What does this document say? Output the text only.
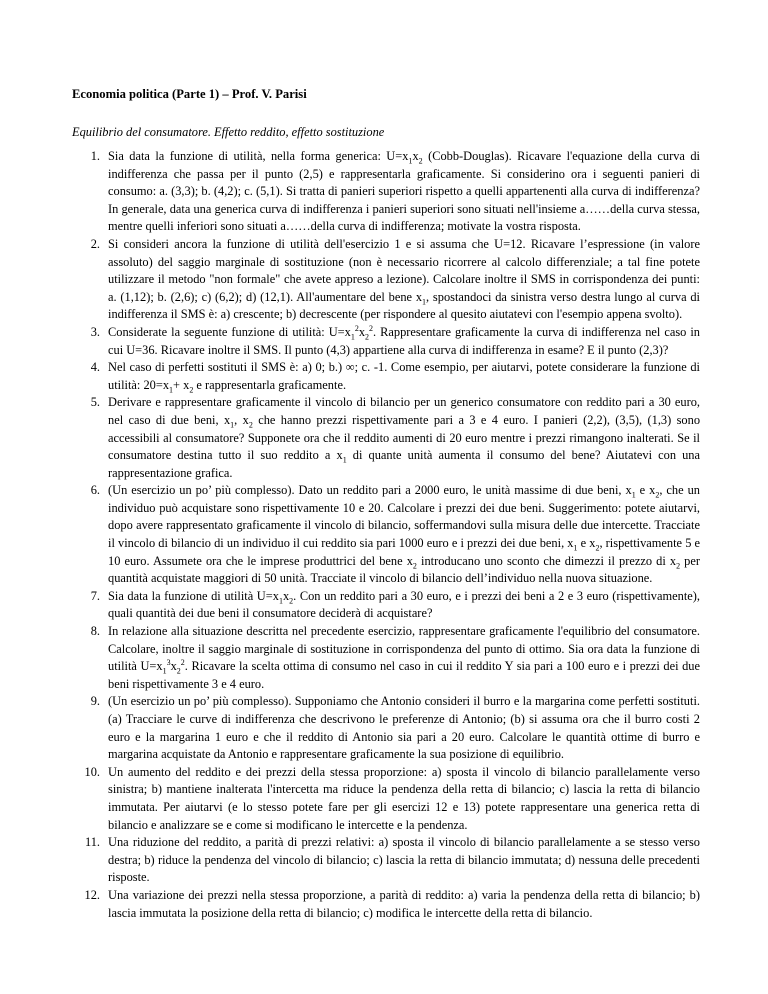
Economia politica (Parte 1) – Prof. V. Parisi
Equilibrio del consumatore. Effetto reddito, effetto sostituzione
1. Sia data la funzione di utilità, nella forma generica: $U=x_1x_2$ (Cobb-Douglas). Ricavare l'equazione della curva di indifferenza che passa per il punto (2,5) e rappresentarla graficamente. Si considerino ora i seguenti panieri di consumo: a. (3,3); b. (4,2); c. (5,1). Si tratta di panieri superiori rispetto a quelli appartenenti alla curva di indifferenza? In generale, data una generica curva di indifferenza i panieri superiori sono situati nell'insieme a……della curva stessa, mentre quelli inferiori sono situati a……della curva di indifferenza; motivate la vostra risposta.
2. Si consideri ancora la funzione di utilità dell'esercizio 1 e si assuma che U=12. Ricavare l’espressione (in valore assoluto) del saggio marginale di sostituzione (non è necessario ricorrere al calcolo differenziale; a tal fine potete utilizzare il metodo "non formale" che avete appreso a lezione). Calcolare inoltre il SMS in corrispondenza dei punti: a. (1,12); b. (2,6); c) (6,2); d) (12,1). All'aumentare del bene $x_1$, spostandoci da sinistra verso destra lungo al curva di indifferenza il SMS è: a) crescente; b) decrescente (per rispondere al quesito aiutatevi con l'esempio appena svolto).
3. Considerate la seguente funzione di utilità: $U=x_1^2x_2^2$. Rappresentare graficamente la curva di indifferenza nel caso in cui U=36. Ricavare inoltre il SMS. Il punto (4,3) appartiene alla curva di indifferenza in esame? E il punto (2,3)?
4. Nel caso di perfetti sostituti il SMS è: a) 0; b.) ∞; c. -1. Come esempio, per aiutarvi, potete considerare la funzione di utilità: $20=x_1+ x_2$ e rappresentarla graficamente.
5. Derivare e rappresentare graficamente il vincolo di bilancio per un generico consumatore con reddito pari a 30 euro, nel caso di due beni, $x_1$, $x_2$ che hanno prezzi rispettivamente pari a 3 e 4 euro. I panieri (2,2), (3,5), (1,3) sono accessibili al consumatore? Supponete ora che il reddito aumenti di 20 euro mentre i prezzi rimangono inalterati. Se il consumatore destina tutto il suo reddito a $x_1$ di quante unità aumenta il consumo del bene? Aiutatevi con una rappresentazione grafica.
6. (Un esercizio un po’ più complesso). Dato un reddito pari a 2000 euro, le unità massime di due beni, $x_1$ e $x_2$, che un individuo può acquistare sono rispettivamente 10 e 20. Calcolare i prezzi dei due beni. Suggerimento: potete aiutarvi, dopo avere rappresentato graficamente il vincolo di bilancio, soffermandovi sulla misura delle due intercette. Tracciate il vincolo di bilancio di un individuo il cui reddito sia pari 1000 euro e i prezzi dei due beni, $x_1$ e $x_2$, rispettivamente 5 e 10 euro. Assumete ora che le imprese produttrici del bene $x_2$ introducano uno sconto che dimezzi il prezzo di $x_2$ per quantità acquistate maggiori di 50 unità. Tracciate il vincolo di bilancio dell’individuo nella nuova situazione.
7. Sia data la funzione di utilità $U=x_1x_2$. Con un reddito pari a 30 euro, e i prezzi dei beni a 2 e 3 euro (rispettivamente), quali quantità dei due beni il consumatore deciderà di acquistare?
8. In relazione alla situazione descritta nel precedente esercizio, rappresentare graficamente l'equilibrio del consumatore. Calcolare, inoltre il saggio marginale di sostituzione in corrispondenza del punto di ottimo. Sia ora data la funzione di utilità $U=x_1^3x_2^2$. Ricavare la scelta ottima di consumo nel caso in cui il reddito Y sia pari a 100 euro e i prezzi dei due beni rispettivamente 3 e 4 euro.
9. (Un esercizio un po’ più complesso). Supponiamo che Antonio consideri il burro e la margarina come perfetti sostituti. (a) Tracciare le curve di indifferenza che descrivono le preferenze di Antonio; (b) si assuma ora che il burro costi 2 euro e la margarina 1 euro e che il reddito di Antonio sia pari a 20 euro. Calcolare le quantità ottime di burro e margarina acquistate da Antonio e rappresentare graficamente la sua posizione di equilibrio.
10. Un aumento del reddito e dei prezzi della stessa proporzione: a) sposta il vincolo di bilancio parallelamente verso sinistra; b) mantiene inalterata l'intercetta ma riduce la pendenza della retta di bilancio; c) lascia la retta di bilancio immutata. Per aiutarvi (e lo stesso potete fare per gli esercizi 12 e 13) potete rappresentare una generica retta di bilancio e analizzare se e come si modificano le intercette e la pendenza.
11. Una riduzione del reddito, a parità di prezzi relativi: a) sposta il vincolo di bilancio parallelamente a se stesso verso destra; b) riduce la pendenza del vincolo di bilancio; c) lascia la retta di bilancio immutata; d) nessuna delle precedenti risposte.
12. Una variazione dei prezzi nella stessa proporzione, a parità di reddito: a) varia la pendenza della retta di bilancio; b) lascia immutata la posizione della retta di bilancio; c) modifica le intercette della retta di bilancio.
